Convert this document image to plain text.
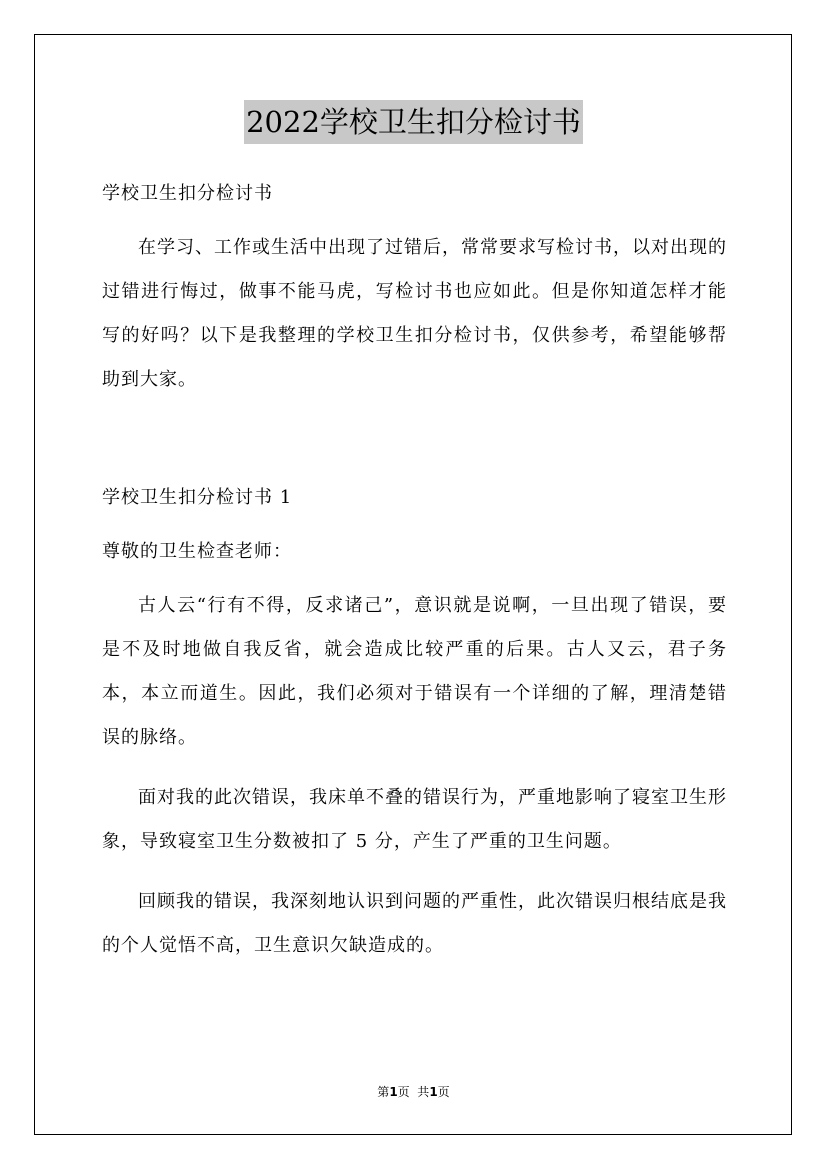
2022学校卫生扣分检讨书

学校卫生扣分检讨书

在学习、工作或生活中出现了过错后，常常要求写检讨书，以对出现的过错进行悔过，做事不能马虎，写检讨书也应如此。但是你知道怎样才能写的好吗？以下是我整理的学校卫生扣分检讨书，仅供参考，希望能够帮助到大家。

学校卫生扣分检讨书 1

尊敬的卫生检查老师：

古人云“行有不得，反求诸己”，意识就是说啊，一旦出现了错误，要是不及时地做自我反省，就会造成比较严重的后果。古人又云，君子务本，本立而道生。因此，我们必须对于错误有一个详细的了解，理清楚错误的脉络。

面对我的此次错误，我床单不叠的错误行为，严重地影响了寝室卫生形象，导致寝室卫生分数被扣了 5 分，产生了严重的卫生问题。

回顾我的错误，我深刻地认识到问题的严重性，此次错误归根结底是我的个人觉悟不高，卫生意识欠缺造成的。

第1页  共1页
